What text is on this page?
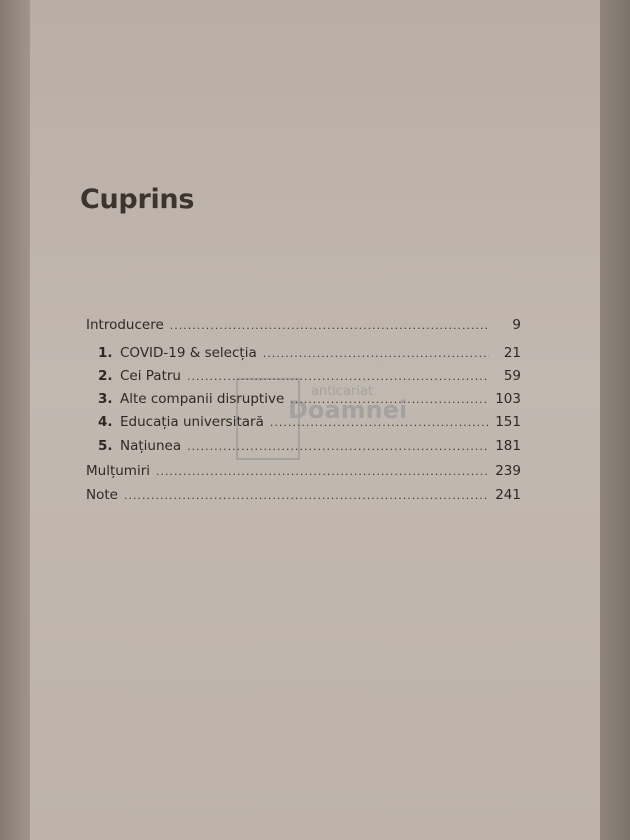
Cuprins
Introducere .....	9
1. COVID-19 & selecția .....	21
2. Cei Patru .....	59
3. Alte companii disruptive .....	103
4. Educația universitară .....	151
5. Națiunea .....	181
Mulțumiri .....	239
Note .....	241
anticariat
Doamnei
